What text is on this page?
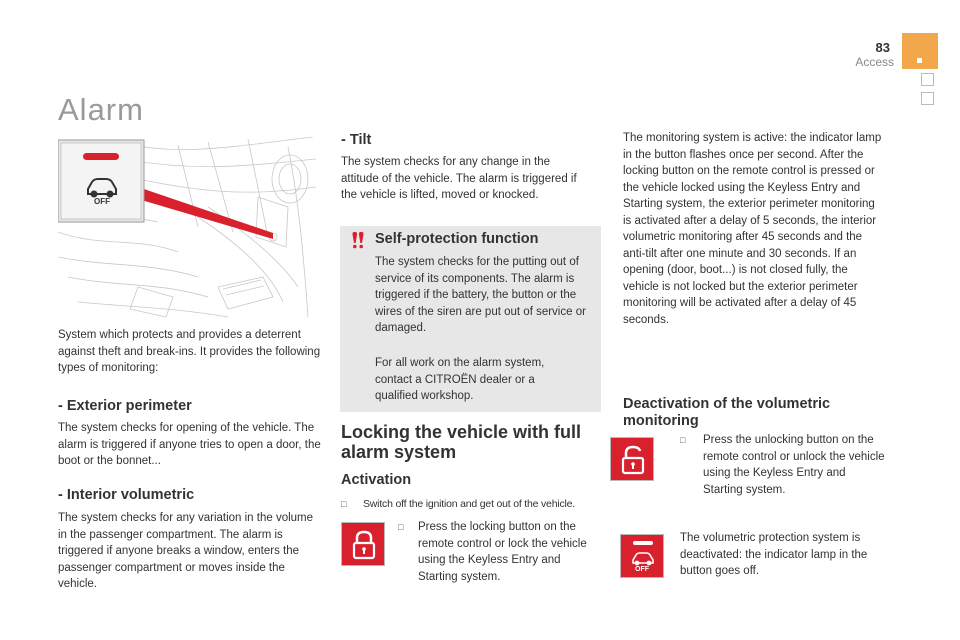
83
Access
Alarm
OFF
System which protects and provides a deterrent against theft and break-ins. It provides the following types of monitoring:
- Exterior perimeter
The system checks for opening of the vehicle. The alarm is triggered if anyone tries to open a door, the boot or the bonnet...
- Interior volumetric
The system checks for any variation in the volume in the passenger compartment. The alarm is triggered if anyone breaks a window, enters the passenger compartment or moves inside the vehicle.
- Tilt
The system checks for any change in the attitude of the vehicle. The alarm is triggered if the vehicle is lifted, moved or knocked.
Self-protection function
The system checks for the putting out of service of its components. The alarm is triggered if the battery, the button or the wires of the siren are put out of service or damaged.
For all work on the alarm system, contact a CITROËN dealer or a qualified workshop.
Locking the vehicle with full alarm system
Activation
□ Switch off the ignition and get out of the vehicle.
□ Press the locking button on the remote control or lock the vehicle using the Keyless Entry and Starting system.
The monitoring system is active: the indicator lamp in the button flashes once per second. After the locking button on the remote control is pressed or the vehicle locked using the Keyless Entry and Starting system, the exterior perimeter monitoring is activated after a delay of 5 seconds, the interior volumetric monitoring after 45 seconds and the anti-tilt after one minute and 30 seconds. If an opening (door, boot...) is not closed fully, the vehicle is not locked but the exterior perimeter monitoring will be activated after a delay of 45 seconds.
Deactivation of the volumetric monitoring
□ Press the unlocking button on the remote control or unlock the vehicle using the Keyless Entry and Starting system.
OFF
The volumetric protection system is deactivated: the indicator lamp in the button goes off.
